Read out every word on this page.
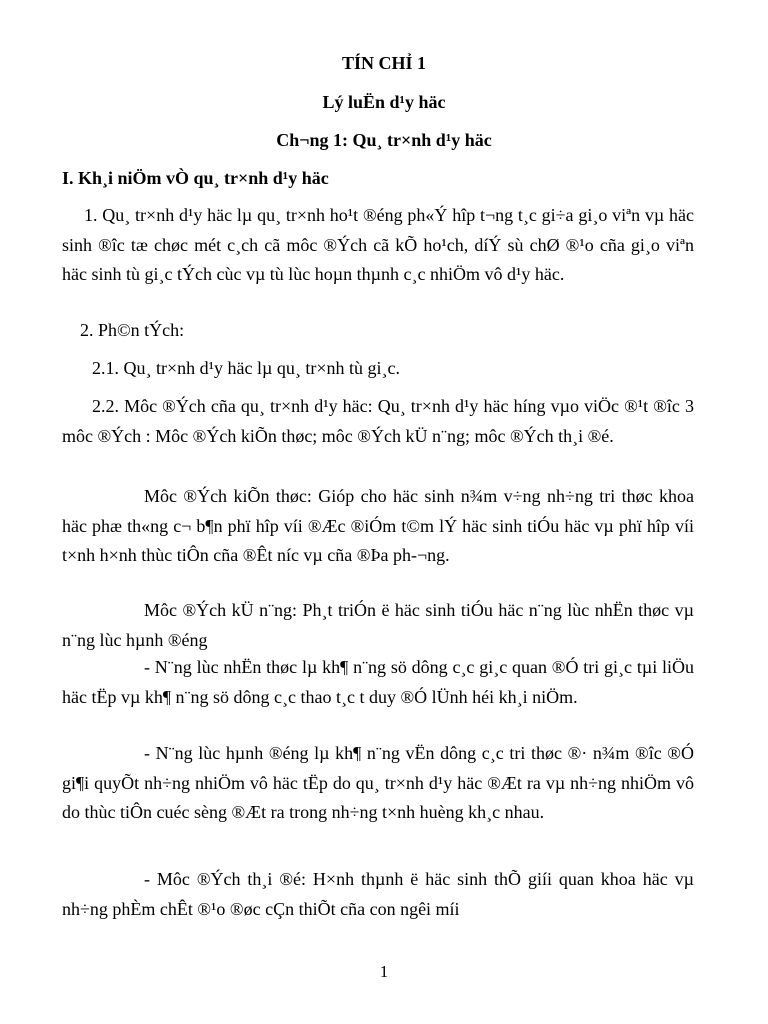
TÍN CHỈ 1
Lý luËn d¹y häc
Ch¬ng 1: Qu¸ tr×nh d¹y häc
I. Kh¸i niÖm vÒ qu¸ tr×nh d¹y häc

1. Qu¸ tr×nh d¹y häc lµ qu¸ tr×nh ho¹t ®éng ph«Ý hîp t¬ng t¸c gi÷a gi¸o viªn vµ häc sinh ®îc tæ chøc mét c¸ch cã môc ®Ých cã kÕ ho¹ch, díÝ sù chØ ®¹o cña gi¸o viªn häc sinh tù gi¸c tÝch cùc vµ tù lùc hoµn thµnh c¸c nhiÖm vô d¹y häc.

2. Ph©n tÝch:

2.1. Qu¸ tr×nh d¹y häc lµ qu¸ tr×nh tù gi¸c.

2.2. Môc ®Ých cña qu¸ tr×nh d¹y häc: Qu¸ tr×nh d¹y häc híng vµo viÖc ®¹t ®îc 3 môc ®Ých : Môc ®Ých kiÕn thøc; môc ®Ých kÜ n¨ng; môc ®Ých th¸i ®é.

Môc ®Ých kiÕn thøc: Gióp cho häc sinh n¾m v÷ng nh÷ng tri thøc khoa häc phæ th«ng c¬ b¶n phï hîp víi ®Æc ®iÓm t©m lÝ häc sinh tiÓu häc vµ phï hîp víi t×nh h×nh thùc tiÔn cña ®Êt níc vµ cña ®Þa ph-¬ng.

Môc ®Ých kÜ n¨ng: Ph¸t triÓn ë häc sinh tiÓu häc n¨ng lùc nhËn thøc vµ n¨ng lùc hµnh ®éng

- N¨ng lùc nhËn thøc lµ kh¶ n¨ng sö dông c¸c gi¸c quan ®Ó tri gi¸c tµi liÖu häc tËp vµ kh¶ n¨ng sö dông c¸c thao t¸c t duy ®Ó lÜnh héi kh¸i niÖm.

- N¨ng lùc hµnh ®éng lµ kh¶ n¨ng vËn dông c¸c tri thøc ®· n¾m ®îc ®Ó gi¶i quyÕt nh÷ng nhiÖm vô häc tËp do qu¸ tr×nh d¹y häc ®Æt ra vµ nh÷ng nhiÖm vô do thùc tiÔn cuéc sèng ®Æt ra trong nh÷ng t×nh huèng kh¸c nhau.

- Môc ®Ých th¸i ®é: H×nh thµnh ë häc sinh thÕ giíi quan khoa häc vµ nh÷ng phÈm chÊt ®¹o ®øc cÇn thiÕt cña con ngêi míi

1
